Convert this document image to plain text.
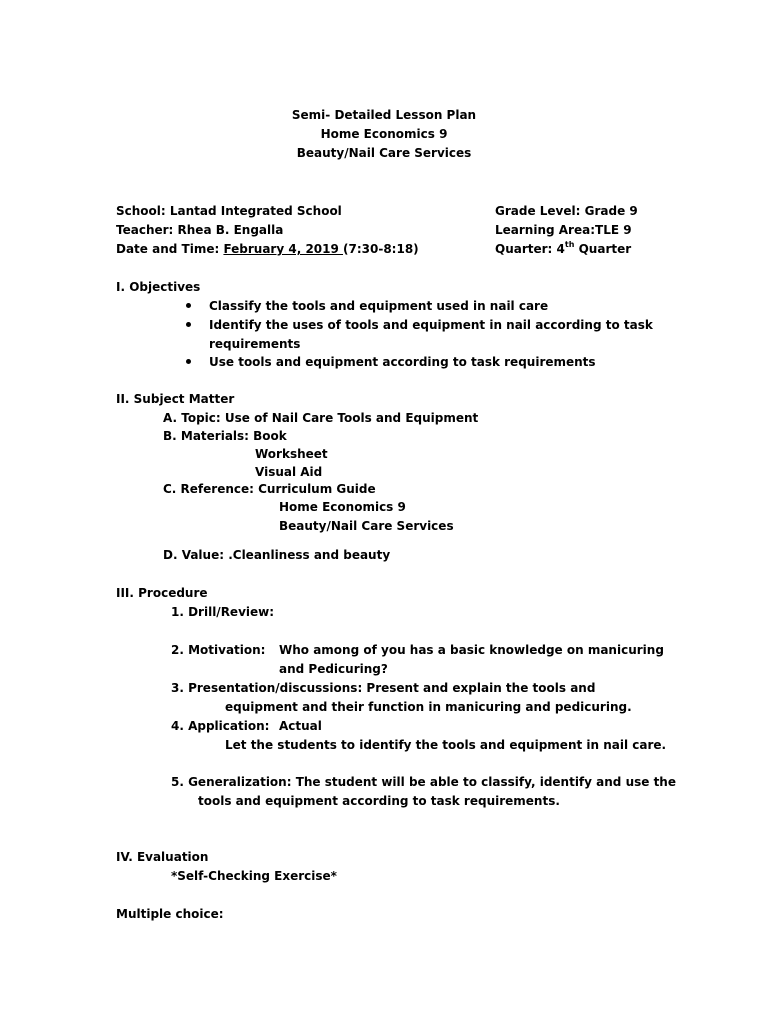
Semi- Detailed Lesson Plan
Home Economics 9
Beauty/Nail Care Services
School: Lantad Integrated School
Teacher: Rhea B. Engalla
Date and Time: February 4, 2019 (7:30-8:18)
Grade Level: Grade 9
Learning Area:TLE 9
Quarter: 4th Quarter
I. Objectives
Classify the tools and equipment used in nail care
Identify the uses of tools and equipment in nail according to task
requirements
Use tools and equipment according to task requirements
II. Subject Matter
A. Topic: Use of Nail Care Tools and Equipment
B. Materials: Book
Worksheet
Visual Aid
C. Reference: Curriculum Guide
Home Economics 9
Beauty/Nail Care Services
D. Value: .Cleanliness and beauty
III. Procedure
1. Drill/Review:
2. Motivation: Who among of you has a basic knowledge on manicuring
and Pedicuring?
3. Presentation/discussions: Present and explain the tools and
equipment and their function in manicuring and pedicuring.
4. Application: Actual
Let the students to identify the tools and equipment in nail care.
5. Generalization: The student will be able to classify, identify and use the
tools and equipment according to task requirements.
IV. Evaluation
*Self-Checking Exercise*
Multiple choice:
